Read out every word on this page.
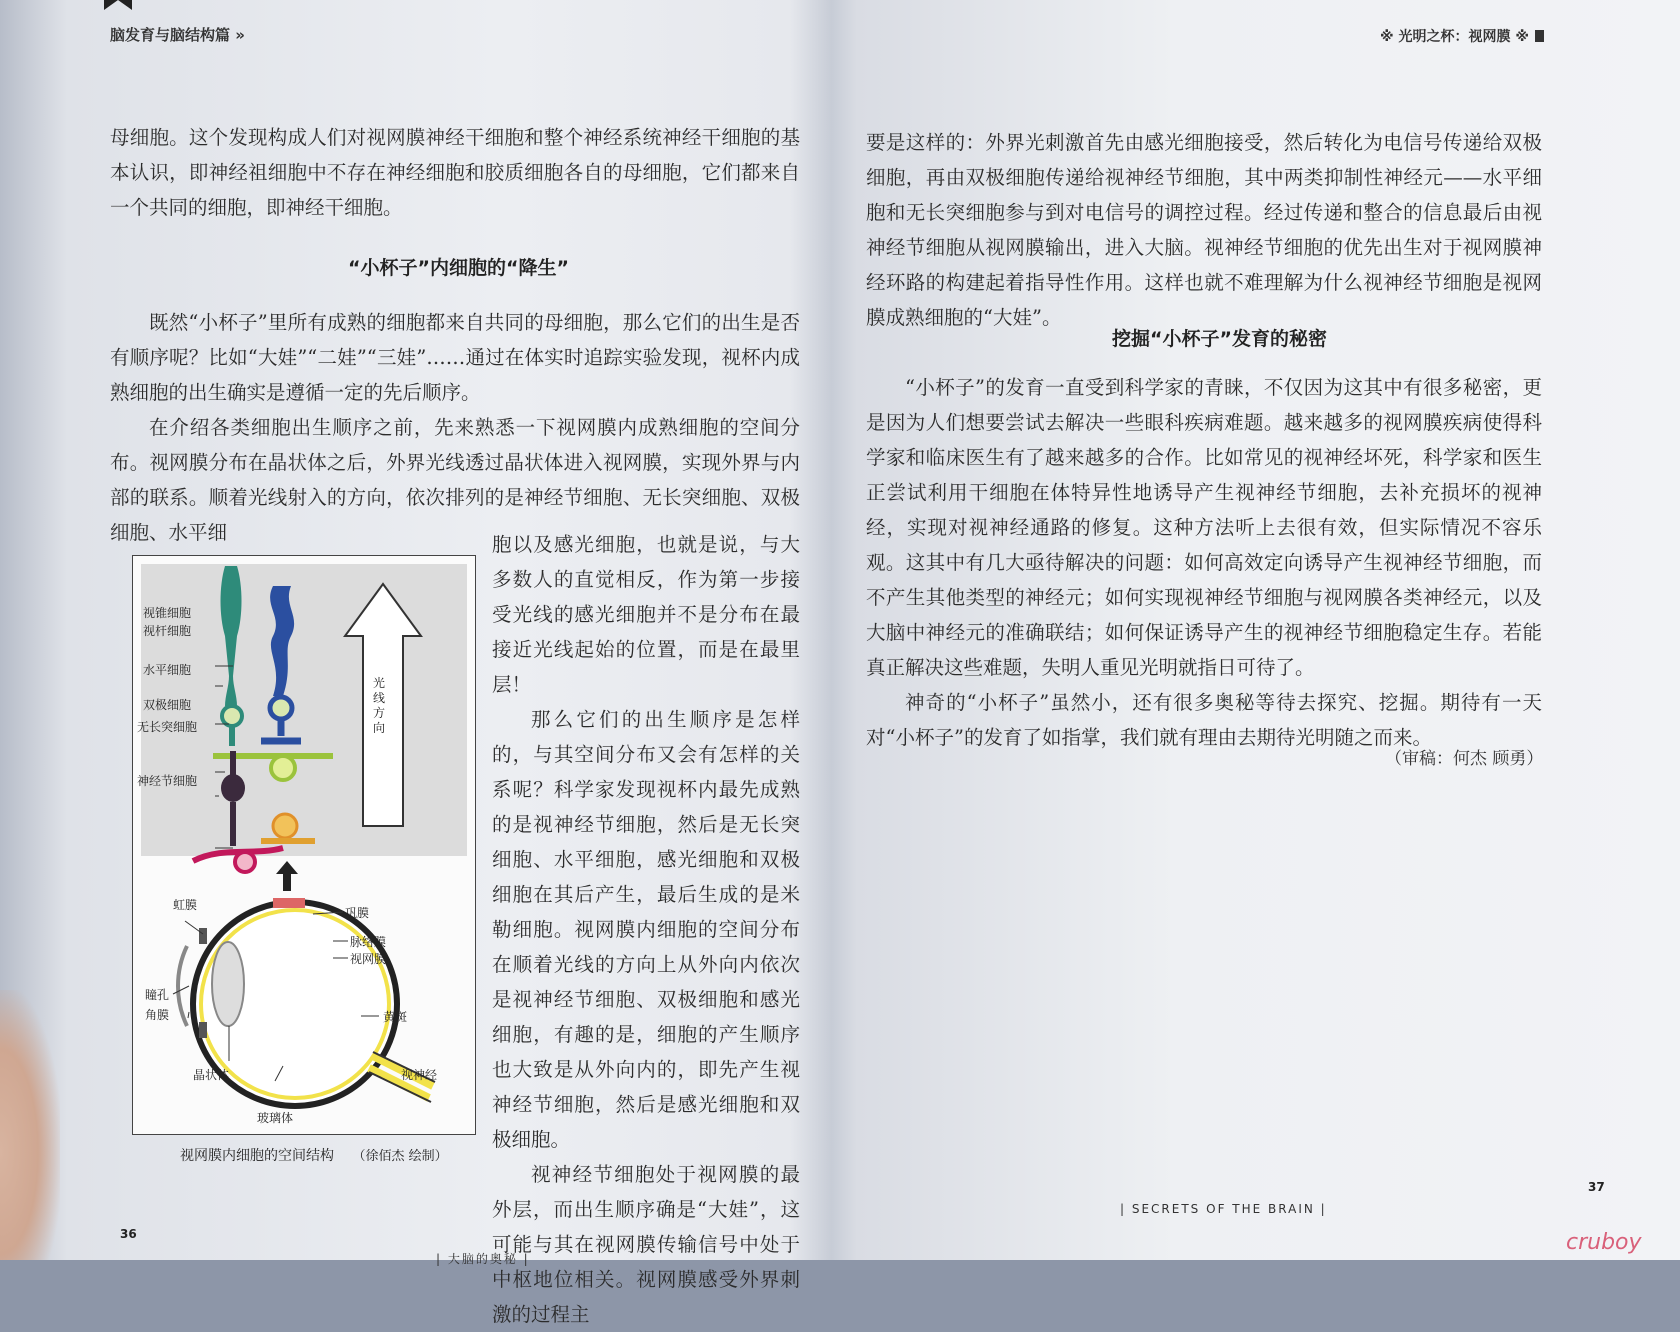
脑发育与脑结构篇 »

母细胞。这个发现构成人们对视网膜神经干细胞和整个神经系统神经干细胞的基本认识，即神经祖细胞中不存在神经细胞和胶质细胞各自的母细胞，它们都来自一个共同的细胞，即神经干细胞。

“小杯子”内细胞的“降生”

既然“小杯子”里所有成熟的细胞都来自共同的母细胞，那么它们的出生是否有顺序呢？比如“大娃”“二娃”“三娃”……通过在体实时追踪实验发现，视杯内成熟细胞的出生确实是遵循一定的先后顺序。

在介绍各类细胞出生顺序之前，先来熟悉一下视网膜内成熟细胞的空间分布。视网膜分布在晶状体之后，外界光线透过晶状体进入视网膜，实现外界与内部的联系。顺着光线射入的方向，依次排列的是神经节细胞、无长突细胞、双极细胞、水平细

胞以及感光细胞，也就是说，与大多数人的直觉相反，作为第一步接受光线的感光细胞并不是分布在最接近光线起始的位置，而是在最里层！

那么它们的出生顺序是怎样的，与其空间分布又会有怎样的关系呢？科学家发现视杯内最先成熟的是视神经节细胞，然后是无长突细胞、水平细胞，感光细胞和双极细胞在其后产生，最后生成的是米勒细胞。视网膜内细胞的空间分布在顺着光线的方向上从外向内依次是视神经节细胞、双极细胞和感光细胞，有趣的是，细胞的产生顺序也大致是从外向内的，即先产生视神经节细胞，然后是感光细胞和双极细胞。

视神经节细胞处于视网膜的最外层，而出生顺序确是“大娃”，这可能与其在视网膜传输信号中处于中枢地位相关。视网膜感受外界刺激的过程主

36
| 大脑的奥秘 |
视锥细胞
视杆细胞
水平细胞
双极细胞
无长突细胞
神经节细胞
光线方向
虹膜
巩膜
脉络膜
视网膜
瞳孔
角膜	黄斑
视神经
晶状体
玻璃体
视网膜内细胞的空间结构 （徐佰杰 绘制）
※ 光明之杯：视网膜 ※

要是这样的：外界光刺激首先由感光细胞接受，然后转化为电信号传递给双极细胞，再由双极细胞传递给视神经节细胞，其中两类抑制性神经元——水平细胞和无长突细胞参与到对电信号的调控过程。经过传递和整合的信息最后由视神经节细胞从视网膜输出，进入大脑。视神经节细胞的优先出生对于视网膜神经环路的构建起着指导性作用。这样也就不难理解为什么视神经节细胞是视网膜成熟细胞的“大娃”。

挖掘“小杯子”发育的秘密

“小杯子”的发育一直受到科学家的青睐，不仅因为这其中有很多秘密，更是因为人们想要尝试去解决一些眼科疾病难题。越来越多的视网膜疾病使得科学家和临床医生有了越来越多的合作。比如常见的视神经坏死，科学家和医生正尝试利用干细胞在体特异性地诱导产生视神经节细胞，去补充损坏的视神经，实现对视神经通路的修复。这种方法听上去很有效，但实际情况不容乐观。这其中有几大亟待解决的问题：如何高效定向诱导产生视神经节细胞，而不产生其他类型的神经元；如何实现视神经节细胞与视网膜各类神经元，以及大脑中神经元的准确联结；如何保证诱导产生的视神经节细胞稳定生存。若能真正解决这些难题，失明人重见光明就指日可待了。

神奇的“小杯子”虽然小，还有很多奥秘等待去探究、挖掘。期待有一天对“小杯子”的发育了如指掌，我们就有理由去期待光明随之而来。

（审稿：何杰 顾勇）
37
| SECRETS OF THE BRAIN |
cruboy
